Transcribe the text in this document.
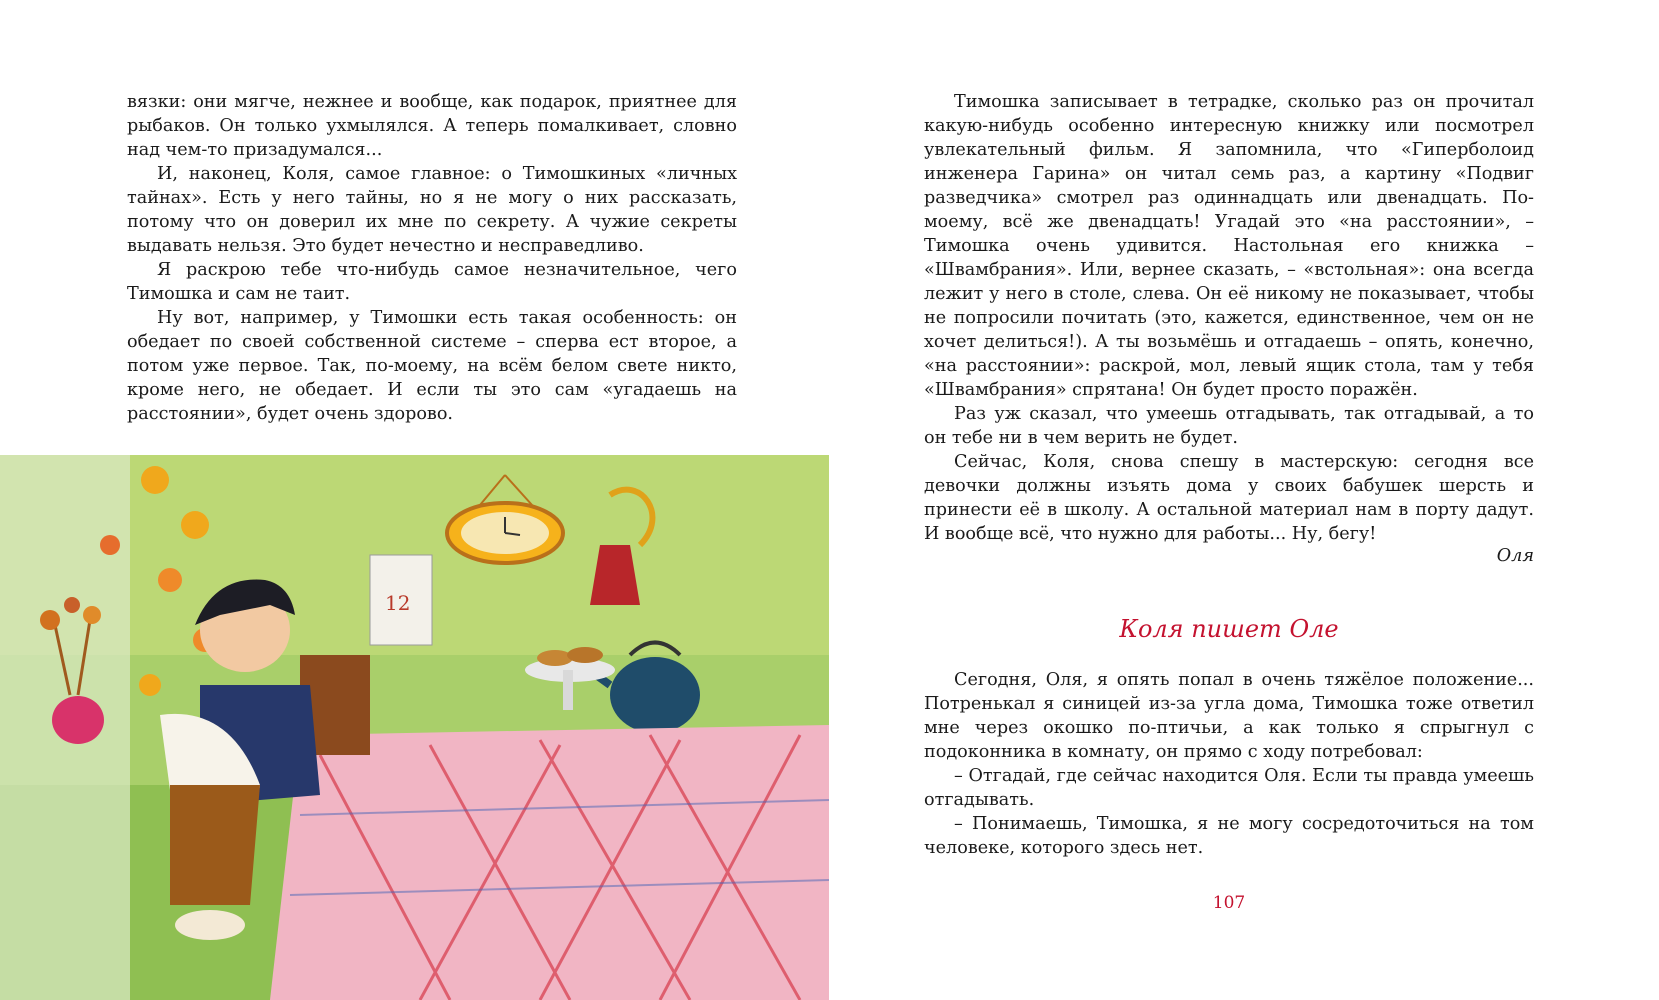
вязки: они мягче, нежнее и вообще, как подарок, приятнее для рыбаков. Он только ухмылялся. А теперь помалкивает, словно над чем-то призадумался...

И, наконец, Коля, самое главное: о Тимошкиных «личных тайнах». Есть у него тайны, но я не могу о них рассказать, потому что он доверил их мне по секрету. А чужие секреты выдавать нельзя. Это будет нечестно и несправедливо.

Я раскрою тебе что-нибудь самое незначительное, чего Тимошка и сам не таит.

Ну вот, например, у Тимошки есть такая особенность: он обедает по своей собственной системе – сперва ест второе, а потом уже первое. Так, по-моему, на всём белом свете никто, кроме него, не обедает. И если ты это сам «угадаешь на расстоянии», будет очень здорово.

12

Тимошка записывает в тетрадке, сколько раз он прочитал какую-нибудь особенно интересную книжку или посмотрел увлекательный фильм. Я запомнила, что «Гиперболоид инженера Гарина» он читал семь раз, а картину «Подвиг разведчика» смотрел раз одиннадцать или двенадцать. По-моему, всё же двенадцать! Угадай это «на расстоянии», – Тимошка очень удивится. Настольная его книжка – «Швамбрания». Или, вернее сказать, – «встольная»: она всегда лежит у него в столе, слева. Он её никому не показывает, чтобы не попросили почитать (это, кажется, единственное, чем он не хочет делиться!). А ты возьмёшь и отгадаешь – опять, конечно, «на расстоянии»: раскрой, мол, левый ящик стола, там у тебя «Швамбрания» спрятана! Он будет просто поражён.

Раз уж сказал, что умеешь отгадывать, так отгадывай, а то он тебе ни в чем верить не будет.

Сейчас, Коля, снова спешу в мастерскую: сегодня все девочки должны изъять дома у своих бабушек шерсть и принести её в школу. А остальной материал нам в порту дадут. И вообще всё, что нужно для работы... Ну, бегу!

Оля
Коля пишет Оле

Сегодня, Оля, я опять попал в очень тяжёлое положение... Потренькал я синицей из-за угла дома, Тимошка тоже ответил мне через окошко по-птичьи, а как только я спрыгнул с подоконника в комнату, он прямо с ходу потребовал:

– Отгадай, где сейчас находится Оля. Если ты правда умеешь отгадывать.

– Понимаешь, Тимошка, я не могу сосредоточиться на том человеке, которого здесь нет.

107
